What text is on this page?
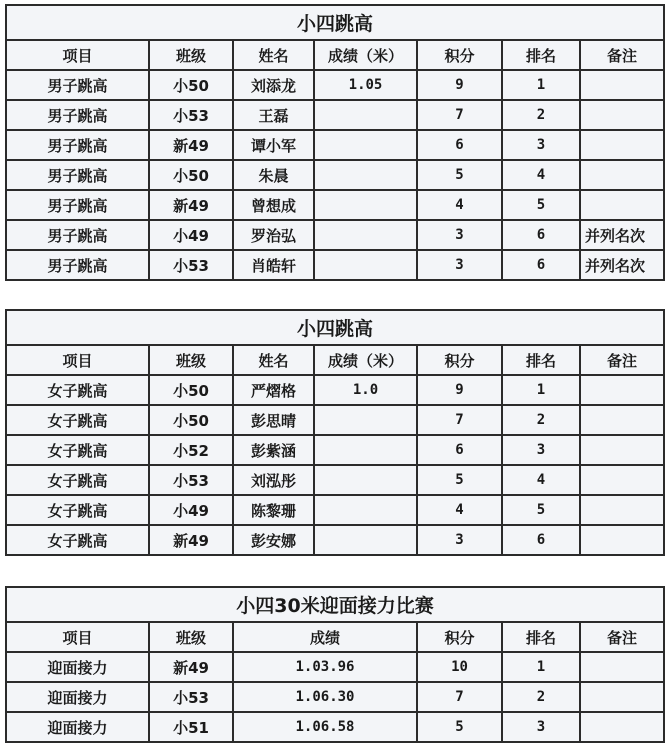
小四跳高						
项目	班级	姓名	成绩（米）	积分	排名	备注
男子跳高	小50	刘添龙	1.05	9	1	
男子跳高	小53	王磊		7	2	
男子跳高	新49	谭小军		6	3	
男子跳高	小50	朱晨		5	4	
男子跳高	新49	曾想成		4	5	
男子跳高	小49	罗治弘		3	6	并列名次
男子跳高	小53	肖皓轩		3	6	并列名次
小四跳高						
项目	班级	姓名	成绩（米）	积分	排名	备注
女子跳高	小50	严熠格	1.0	9	1	
女子跳高	小50	彭思晴		7	2	
女子跳高	小52	彭紫涵		6	3	
女子跳高	小53	刘泓彤		5	4	
女子跳高	小49	陈黎珊		4	5	
女子跳高	新49	彭安娜		3	6	
小四30米迎面接力比赛					
项目	班级	成绩	积分	排名	备注
迎面接力	新49	1.03.96	10	1	
迎面接力	小53	1.06.30	7	2	
迎面接力	小51	1.06.58	5	3	
